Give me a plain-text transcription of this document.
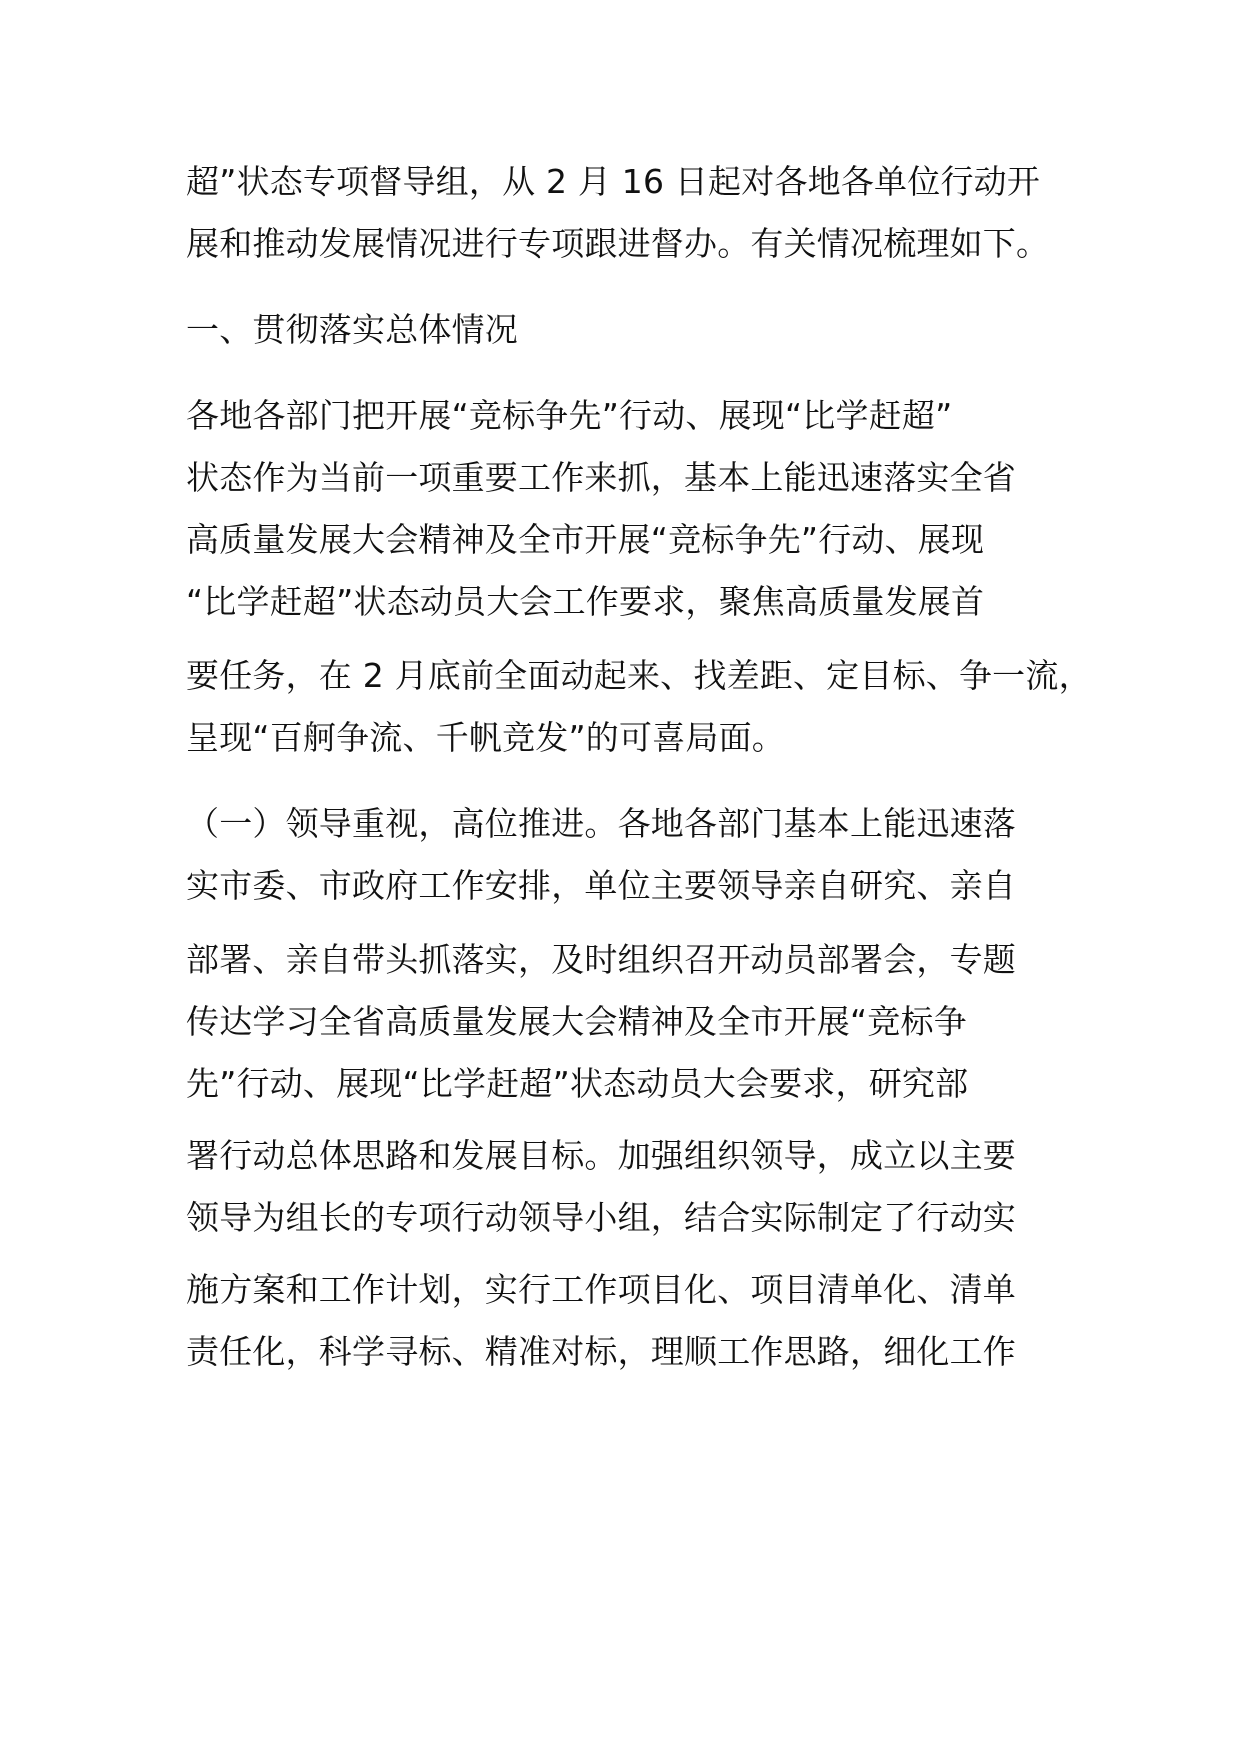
超”状态专项督导组，从 2 月 16 日起对各地各单位行动开
展和推动发展情况进行专项跟进督办。有关情况梳理如下。
一、贯彻落实总体情况
各地各部门把开展“竞标争先”行动、展现“比学赶超”
状态作为当前一项重要工作来抓，基本上能迅速落实全省
高质量发展大会精神及全市开展“竞标争先”行动、展现
“比学赶超”状态动员大会工作要求，聚焦高质量发展首
要任务，在 2 月底前全面动起来、找差距、定目标、争一流，
呈现“百舸争流、千帆竞发”的可喜局面。
（一）领导重视，高位推进。各地各部门基本上能迅速落
实市委、市政府工作安排，单位主要领导亲自研究、亲自
部署、亲自带头抓落实，及时组织召开动员部署会，专题
传达学习全省高质量发展大会精神及全市开展“竞标争
先”行动、展现“比学赶超”状态动员大会要求，研究部
署行动总体思路和发展目标。加强组织领导，成立以主要
领导为组长的专项行动领导小组，结合实际制定了行动实
施方案和工作计划，实行工作项目化、项目清单化、清单
责任化，科学寻标、精准对标，理顺工作思路，细化工作
